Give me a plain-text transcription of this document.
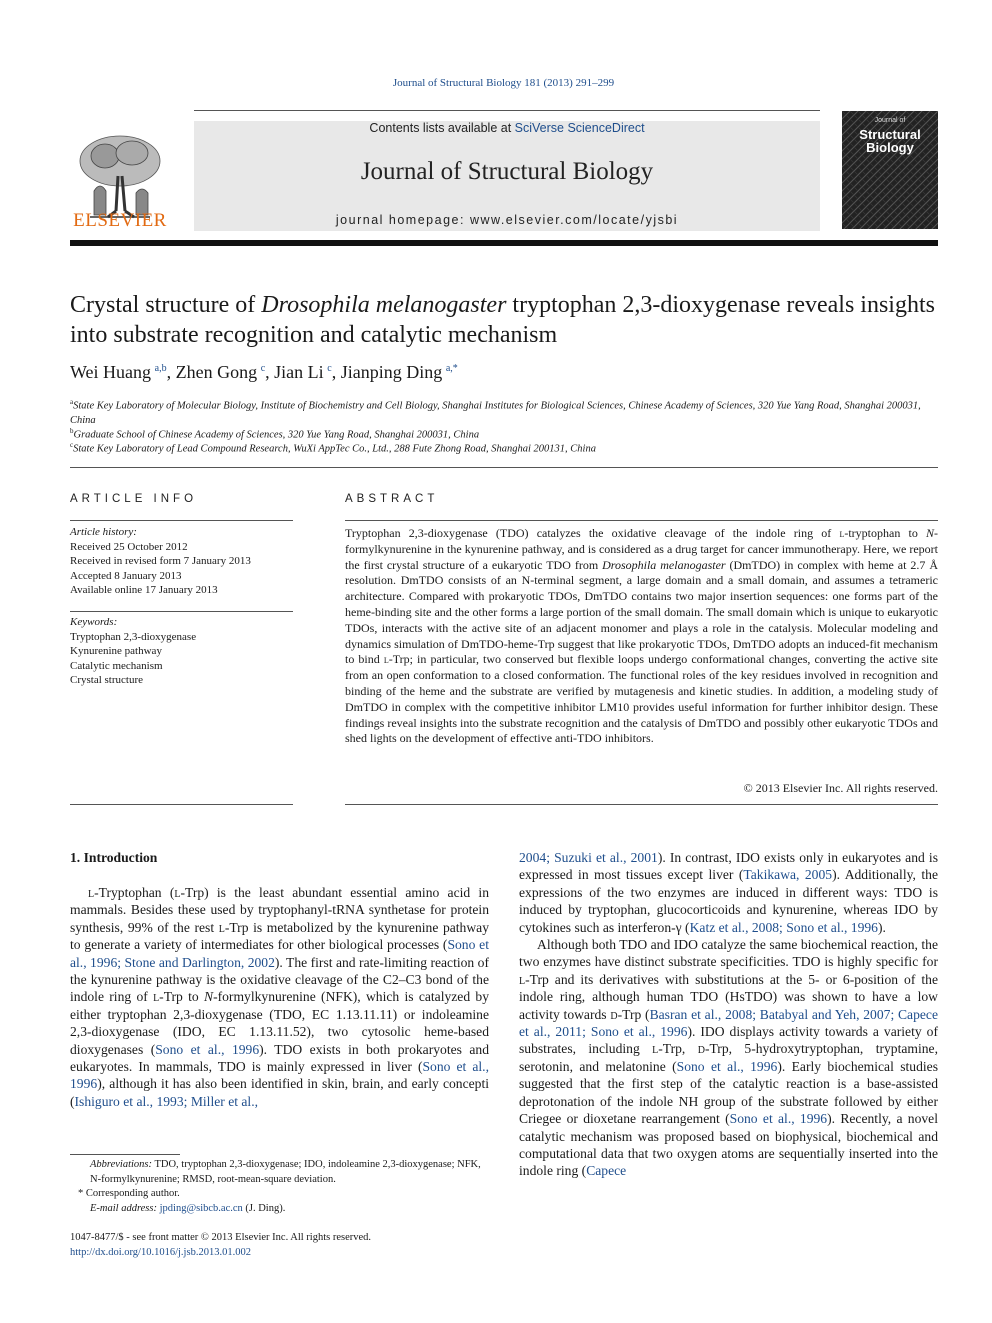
Journal of Structural Biology 181 (2013) 291–299
ELSEVIER
Contents lists available at SciVerse ScienceDirect
Journal of Structural Biology
journal homepage: www.elsevier.com/locate/yjsbi
Journal of
Structural
Biology
Crystal structure of Drosophila melanogaster tryptophan 2,3-dioxygenase reveals insights into substrate recognition and catalytic mechanism
Wei Huang  $^{a,b}$, Zhen Gong  $^c$, Jian Li  $^c$, Jianping Ding  $^{a,*}$
$^a$State Key Laboratory of Molecular Biology, Institute of Biochemistry and Cell Biology, Shanghai Institutes for Biological Sciences, Chinese Academy of Sciences, 320 Yue Yang Road, Shanghai 200031, China
$^b$Graduate School of Chinese Academy of Sciences, 320 Yue Yang Road, Shanghai 200031, China
$^c$State Key Laboratory of Lead Compound Research, WuXi AppTec Co., Ltd., 288 Fute Zhong Road, Shanghai 200131, China
ARTICLE INFO
Article history:
Received 25 October 2012
Received in revised form 7 January 2013
Accepted 8 January 2013
Available online 17 January 2013
Keywords:
Tryptophan 2,3-dioxygenase
Kynurenine pathway
Catalytic mechanism
Crystal structure
ABSTRACT
Tryptophan 2,3-dioxygenase (TDO) catalyzes the oxidative cleavage of the indole ring of l-tryptophan to N-formylkynurenine in the kynurenine pathway, and is considered as a drug target for cancer immunotherapy. Here, we report the first crystal structure of a eukaryotic TDO from Drosophila melanogaster (DmTDO) in complex with heme at 2.7 Å resolution. DmTDO consists of an N-terminal segment, a large domain and a small domain, and assumes a tetrameric architecture. Compared with prokaryotic TDOs, DmTDO contains two major insertion sequences: one forms part of the heme-binding site and the other forms a large portion of the small domain. The small domain which is unique to eukaryotic TDOs, interacts with the active site of an adjacent monomer and plays a role in the catalysis. Molecular modeling and dynamics simulation of DmTDO-heme-Trp suggest that like prokaryotic TDOs, DmTDO adopts an induced-fit mechanism to bind l-Trp; in particular, two conserved but flexible loops undergo conformational changes, converting the active site from an open conformation to a closed conformation. The functional roles of the key residues involved in recognition and binding of the heme and the substrate are verified by mutagenesis and kinetic studies. In addition, a modeling study of DmTDO in complex with the competitive inhibitor LM10 provides useful information for further inhibitor design. These findings reveal insights into the substrate recognition and the catalysis of DmTDO and possibly other eukaryotic TDOs and shed lights on the development of effective anti-TDO inhibitors.
© 2013 Elsevier Inc. All rights reserved.
1. Introduction

l-Tryptophan (l-Trp) is the least abundant essential amino acid in mammals. Besides these used by tryptophanyl-tRNA synthetase for protein synthesis, 99% of the rest l-Trp is metabolized by the kynurenine pathway to generate a variety of intermediates for other biological processes (Sono et al., 1996; Stone and Darlington, 2002). The first and rate-limiting reaction of the kynurenine pathway is the oxidative cleavage of the C2–C3 bond of the indole ring of l-Trp to N-formylkynurenine (NFK), which is catalyzed by either tryptophan 2,3-dioxygenase (TDO, EC 1.13.11.11) or indoleamine 2,3-dioxygenase (IDO, EC 1.13.11.52), two cytosolic heme-based dioxygenases (Sono et al., 1996). TDO exists in both prokaryotes and eukaryotes. In mammals, TDO is mainly expressed in liver (Sono et al., 1996), although it has also been identified in skin, brain, and early concepti (Ishiguro et al., 1993; Miller et al.,

2004; Suzuki et al., 2001). In contrast, IDO exists only in eukaryotes and is expressed in most tissues except liver (Takikawa, 2005). Additionally, the expressions of the two enzymes are induced in different ways: TDO is induced by tryptophan, glucocorticoids and kynurenine, whereas IDO by cytokines such as interferon-γ (Katz et al., 2008; Sono et al., 1996).

Although both TDO and IDO catalyze the same biochemical reaction, the two enzymes have distinct substrate specificities. TDO is highly specific for l-Trp and its derivatives with substitutions at the 5- or 6-position of the indole ring, although human TDO (HsTDO) was shown to have a low activity towards d-Trp (Basran et al., 2008; Batabyal and Yeh, 2007; Capece et al., 2011; Sono et al., 1996). IDO displays activity towards a variety of substrates, including l-Trp, d-Trp, 5-hydroxytryptophan, tryptamine, serotonin, and melatonine (Sono et al., 1996). Early biochemical studies suggested that the first step of the catalytic reaction is a base-assisted deprotonation of the indole NH group of the substrate followed by either Criegee or dioxetane rearrangement (Sono et al., 1996). Recently, a novel catalytic mechanism was proposed based on biophysical, biochemical and computational data that two oxygen atoms are sequentially inserted into the indole ring (Capece

Abbreviations: TDO, tryptophan 2,3-dioxygenase; IDO, indoleamine 2,3-dioxygenase; NFK, N-formylkynurenine; RMSD, root-mean-square deviation.
* Corresponding author.
E-mail address: jpding@sibcb.ac.cn (J. Ding).
1047-8477/$ - see front matter © 2013 Elsevier Inc. All rights reserved.
http://dx.doi.org/10.1016/j.jsb.2013.01.002
